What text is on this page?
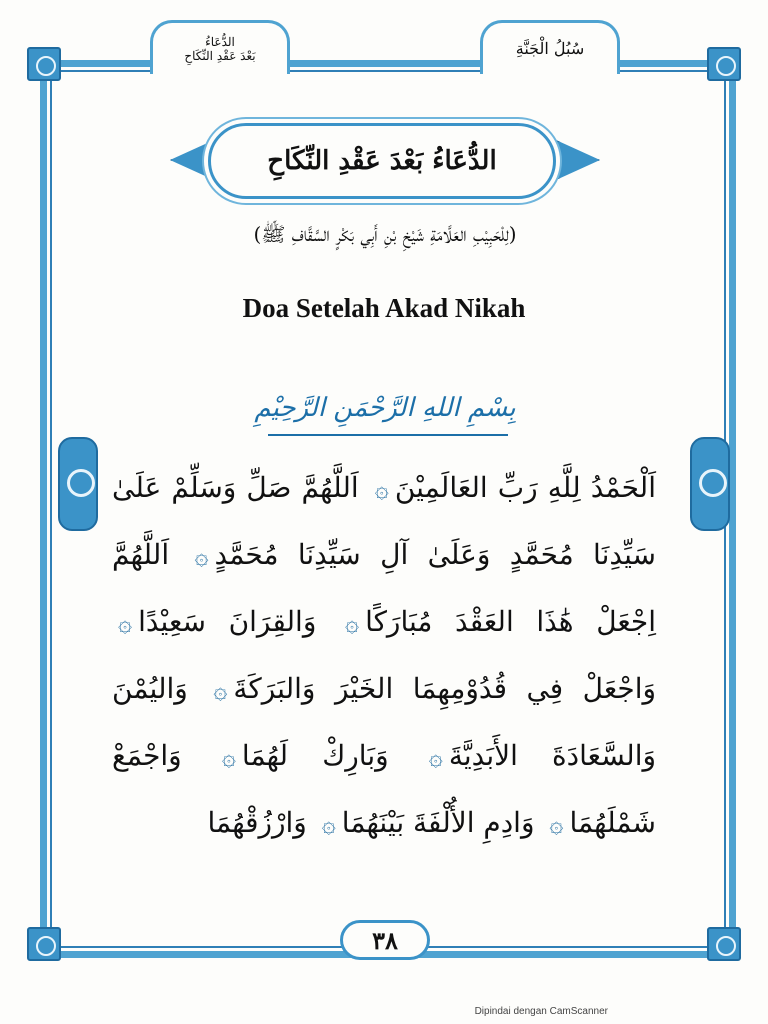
الدُّعَاءُ
بَعْدَ عَقْدِ النِّكَاحِ	سُبُلُ الْجَنَّةِ
الدُّعَاءُ بَعْدَ عَقْدِ النِّكَاحِ
(لِلْحَبِيْبِ العَلَّامَةِ شَيْخِ بْنِ أَبِي بَكْرٍ السَّقَّافِ ﷺ)
Doa Setelah Akad Nikah
بِسْمِ اللهِ الرَّحْمَنِ الرَّحِيْمِ
اَلْحَمْدُ لِلَّهِ رَبِّ العَالَمِيْنَ۞ اَللَّهُمَّ صَلِّ وَسَلِّمْ عَلَىٰ سَيِّدِنَا مُحَمَّدٍ وَعَلَىٰ آلِ سَيِّدِنَا مُحَمَّدٍ۞ اَللَّهُمَّ اِجْعَلْ هَٰذَا العَقْدَ مُبَارَكًا۞ وَالقِرَانَ سَعِيْدًا۞ وَاجْعَلْ فِي قُدُوْمِهِمَا الخَيْرَ وَالبَرَكَةَ۞ وَاليُمْنَ وَالسَّعَادَةَ الأَبَدِيَّةَ۞ وَبَارِكْ لَهُمَا۞ وَاجْمَعْ شَمْلَهُمَا۞ وَادِمِ الأُلْفَةَ بَيْنَهُمَا۞ وَارْزُقْهُمَا
٣٨
Dipindai dengan CamScanner
